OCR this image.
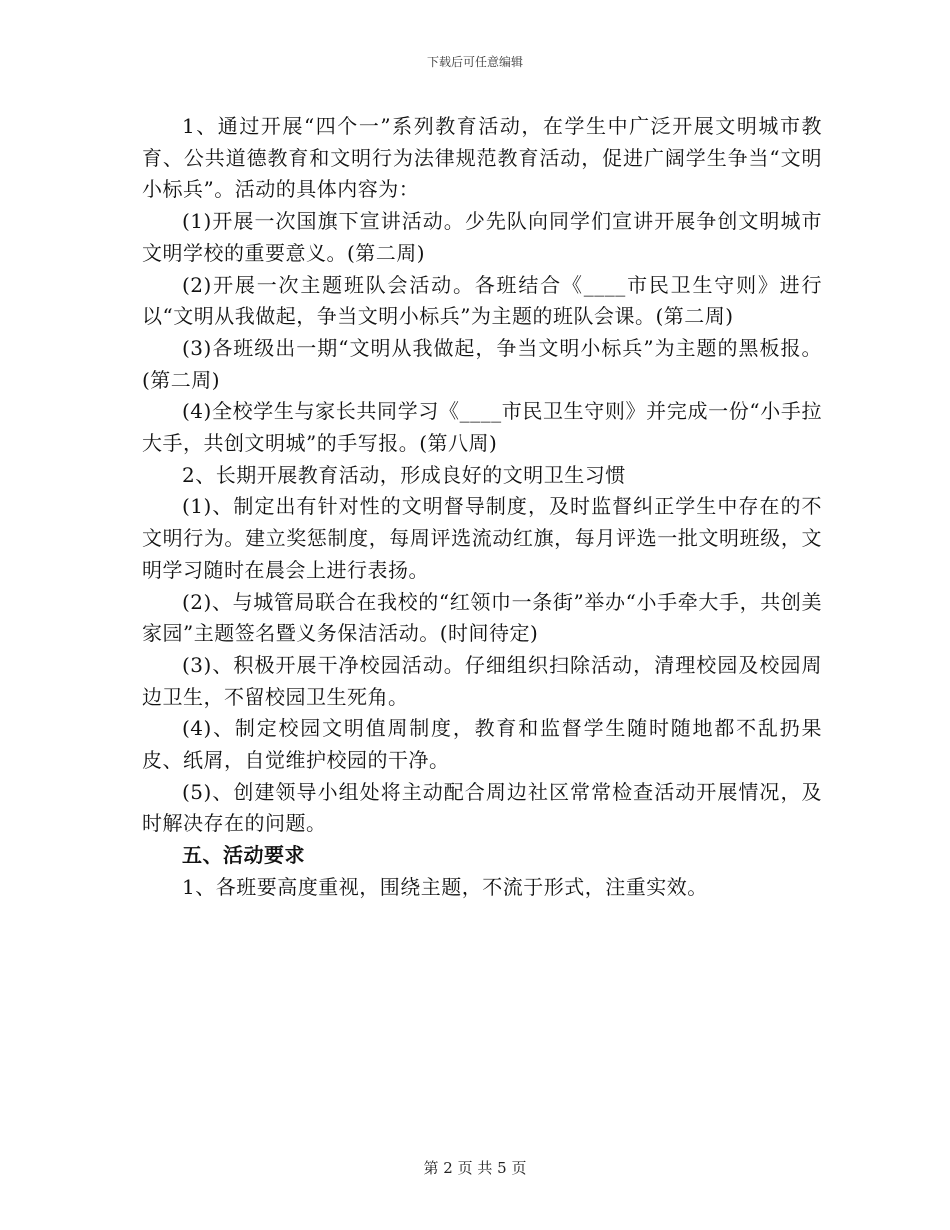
下载后可任意编辑

1、通过开展“四个一”系列教育活动，在学生中广泛开展文明城市教育、公共道德教育和文明行为法律规范教育活动，促进广阔学生争当“文明小标兵”。活动的具体内容为：

(1)开展一次国旗下宣讲活动。少先队向同学们宣讲开展争创文明城市文明学校的重要意义。(第二周)

(2)开展一次主题班队会活动。各班结合《____市民卫生守则》进行以“文明从我做起，争当文明小标兵”为主题的班队会课。(第二周)

(3)各班级出一期“文明从我做起，争当文明小标兵”为主题的黑板报。(第二周)

(4)全校学生与家长共同学习《____市民卫生守则》并完成一份“小手拉大手，共创文明城”的手写报。(第八周)

2、长期开展教育活动，形成良好的文明卫生习惯

(1)、制定出有针对性的文明督导制度，及时监督纠正学生中存在的不文明行为。建立奖惩制度，每周评选流动红旗，每月评选一批文明班级，文明学习随时在晨会上进行表扬。

(2)、与城管局联合在我校的“红领巾一条街”举办“小手牵大手，共创美家园”主题签名暨义务保洁活动。(时间待定)

(3)、积极开展干净校园活动。仔细组织扫除活动，清理校园及校园周边卫生，不留校园卫生死角。

(4)、制定校园文明值周制度，教育和监督学生随时随地都不乱扔果皮、纸屑，自觉维护校园的干净。

(5)、创建领导小组处将主动配合周边社区常常检查活动开展情况，及时解决存在的问题。

五、活动要求

1、各班要高度重视，围绕主题，不流于形式，注重实效。

第 2 页 共 5 页
